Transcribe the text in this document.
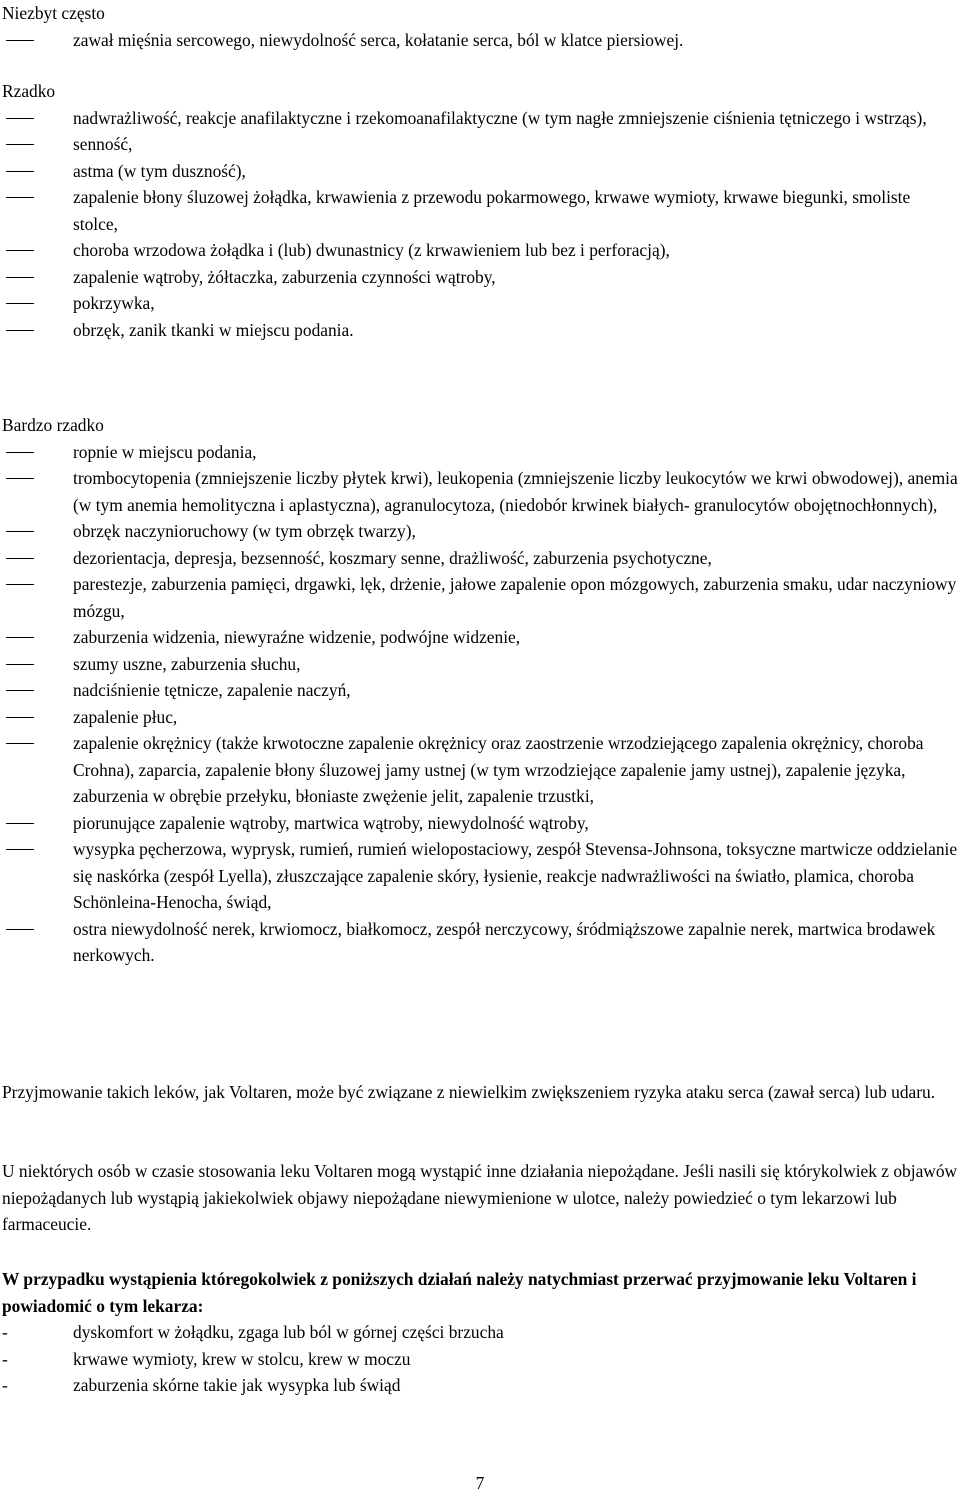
Niezbyt często
zawał mięśnia sercowego, niewydolność serca, kołatanie serca, ból w klatce piersiowej.
Rzadko
nadwrażliwość, reakcje anafilaktyczne i rzekomoanafilaktyczne (w tym nagłe zmniejszenie ciśnienia tętniczego i wstrząs),
senność,
astma (w tym duszność),
zapalenie błony śluzowej żołądka, krwawienia z przewodu pokarmowego, krwawe wymioty, krwawe biegunki, smoliste stolce,
choroba wrzodowa żołądka i (lub) dwunastnicy (z krwawieniem lub bez i perforacją),
zapalenie wątroby, żółtaczka, zaburzenia czynności wątroby,
pokrzywka,
obrzęk, zanik tkanki w miejscu podania.
Bardzo rzadko
ropnie w miejscu podania,
trombocytopenia (zmniejszenie liczby płytek krwi), leukopenia (zmniejszenie liczby leukocytów we krwi obwodowej), anemia (w tym anemia hemolityczna i aplastyczna), agranulocytoza, (niedobór krwinek białych- granulocytów obojętnochłonnych),
obrzęk naczynioruchowy (w tym obrzęk twarzy),
dezorientacja, depresja, bezsenność, koszmary senne, drażliwość, zaburzenia psychotyczne,
parestezje, zaburzenia pamięci, drgawki, lęk, drżenie, jałowe zapalenie opon mózgowych, zaburzenia smaku, udar naczyniowy mózgu,
zaburzenia widzenia, niewyraźne widzenie, podwójne widzenie,
szumy uszne, zaburzenia słuchu,
nadciśnienie tętnicze, zapalenie naczyń,
zapalenie płuc,
zapalenie okrężnicy (także krwotoczne zapalenie okrężnicy oraz zaostrzenie wrzodziejącego zapalenia okrężnicy, choroba Crohna), zaparcia, zapalenie błony śluzowej jamy ustnej (w tym wrzodziejące zapalenie jamy ustnej), zapalenie języka, zaburzenia w obrębie przełyku, błoniaste zwężenie jelit, zapalenie trzustki,
piorunujące zapalenie wątroby, martwica wątroby, niewydolność wątroby,
wysypka pęcherzowa, wyprysk, rumień, rumień wielopostaciowy, zespół Stevensa-Johnsona, toksyczne martwicze oddzielanie się naskórka (zespół Lyella), złuszczające zapalenie skóry, łysienie, reakcje nadwrażliwości na światło, plamica, choroba Schönleina-Henocha, świąd,
ostra niewydolność nerek, krwiomocz, białkomocz, zespół nerczycowy, śródmiąższowe zapalnie nerek, martwica brodawek nerkowych.

Przyjmowanie takich leków, jak Voltaren, może być związane z niewielkim zwiększeniem ryzyka ataku serca (zawał serca) lub udaru.

U niektórych osób w czasie stosowania leku Voltaren mogą wystąpić inne działania niepożądane. Jeśli nasili się którykolwiek z objawów niepożądanych lub wystąpią jakiekolwiek objawy niepożądane niewymienione w ulotce, należy powiedzieć o tym lekarzowi lub farmaceucie.

W przypadku wystąpienia któregokolwiek z poniższych działań należy natychmiast przerwać przyjmowanie leku Voltaren i powiadomić o tym lekarza:

-	dyskomfort w żołądku, zgaga lub ból w górnej części brzucha
-	krwawe wymioty, krew w stolcu, krew w moczu
-	zaburzenia skórne takie jak wysypka lub świąd
7
